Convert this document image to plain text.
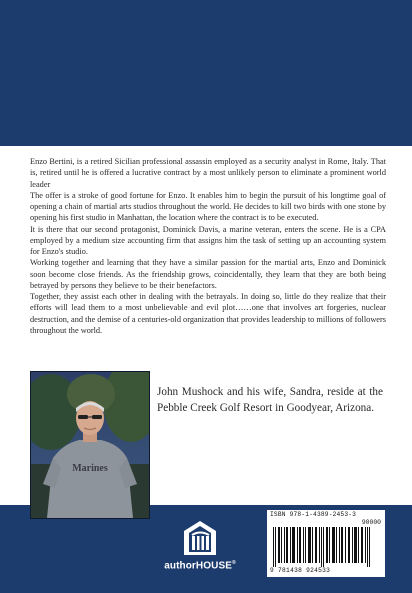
Enzo Bertini, is a retired Sicilian professional assassin employed as a security analyst in Rome, Italy. That is, retired until he is offered a lucrative contract by a most unlikely person to eliminate a prominent world leader

The offer is a stroke of good fortune for Enzo. It enables him to begin the pursuit of his longtime goal of opening a chain of martial arts studios throughout the world. He decides to kill two birds with one stone by opening his first studio in Manhattan, the location where the contract is to be executed.

It is there that our second protagonist, Dominick Davis, a marine veteran, enters the scene. He is a CPA employed by a medium size accounting firm that assigns him the task of setting up an accounting system for Enzo's studio.

Working together and learning that they have a similar passion for the martial arts, Enzo and Dominick soon become close friends. As the friendship grows, coincidentally, they learn that they are both being betrayed by persons they believe to be their benefactors.

Together, they assist each other in dealing with the betrayals. In doing so, little do they realize that their efforts will lead them to a most unbelievable and evil plot……one that involves art forgeries, nuclear destruction, and the demise of a centuries-old organization that provides leadership to millions of followers throughout the world.

Marines
John Mushock and his wife, Sandra, reside at the Pebble Creek Golf Resort in Goodyear, Arizona.
authorHOUSE®
ISBN 978-1-4389-2453-3
90000
9 781438 924533
